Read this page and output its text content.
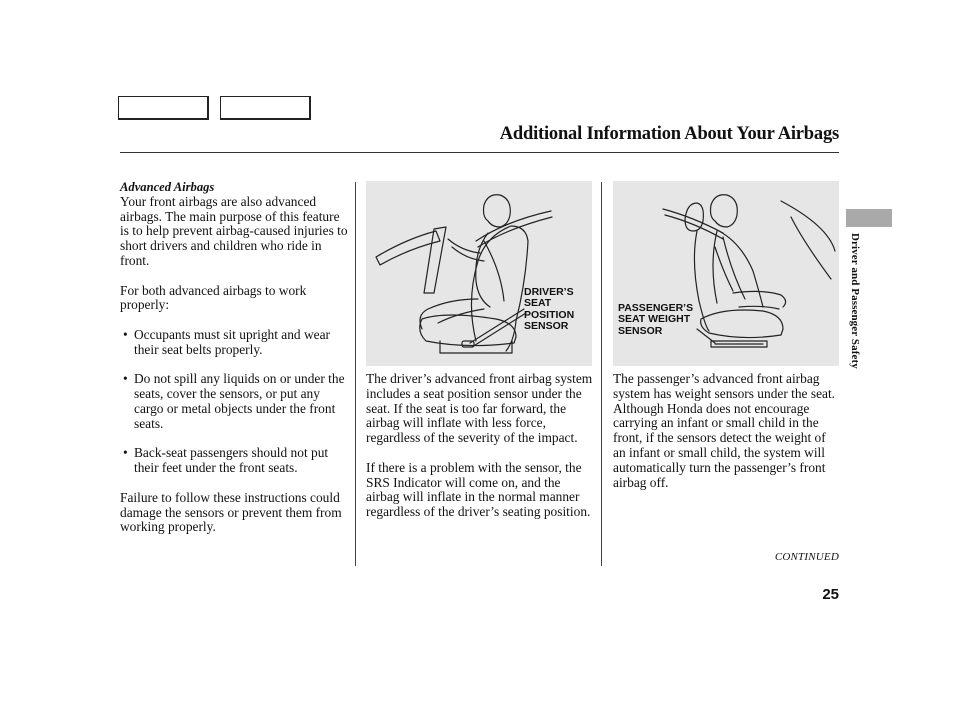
Additional Information About Your Airbags
Advanced Airbags

Your front airbags are also advanced airbags. The main purpose of this feature is to help prevent airbag-caused injuries to short drivers and children who ride in front.

For both advanced airbags to work properly:

• Occupants must sit upright and wear their seat belts properly.
• Do not spill any liquids on or under the seats, cover the sensors, or put any cargo or metal objects under the front seats.
• Back-seat passengers should not put their feet under the front seats.

Failure to follow these instructions could damage the sensors or prevent them from working properly.

DRIVER’S
SEAT
POSITION
SENSOR
PASSENGER’S
SEAT WEIGHT
SENSOR

The driver’s advanced front airbag system includes a seat position sensor under the seat. If the seat is too far forward, the airbag will inflate with less force, regardless of the severity of the impact.

If there is a problem with the sensor, the SRS Indicator will come on, and the airbag will inflate in the normal manner regardless of the driver’s seating position.

The passenger’s advanced front airbag system has weight sensors under the seat. Although Honda does not encourage carrying an infant or small child in the front, if the sensors detect the weight of an infant or small child, the system will automatically turn the passenger’s front airbag off.

Driver and Passenger Safety
CONTINUED
25
